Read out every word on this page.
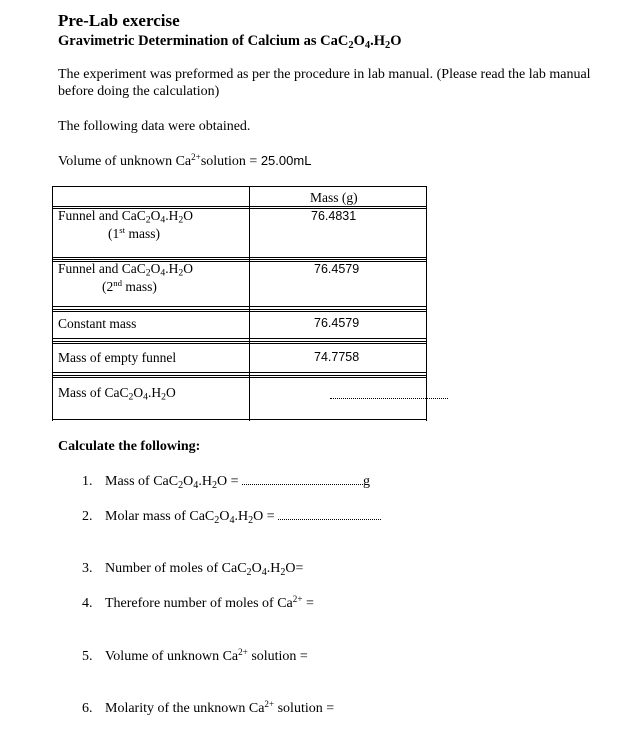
Pre-Lab exercise
Gravimetric Determination of Calcium as $CaC_2O_4.H_2O$
The experiment was preformed as per the procedure in lab manual. (Please read the lab manual before doing the calculation)
The following data were obtained.
Volume of unknown $Ca^{2+}solution = 25.00mL$
Mass (g)
Funnel and $CaC_2O_4.H_2O$
(1st mass)
76.4831
Funnel and $CaC_2O_4.H_2O$
(2nd mass)
76.4579
Constant mass	76.4579
Mass of empty funnel	74.7758
Mass of $CaC_2O_4.H_2O$
Calculate the following:
1. Mass of $CaC_2O_4.H_2O$ =	g
2. Molar mass of $CaC_2O_4.H_2O$ =
3. Number of moles of $CaC_2O_4.H_2O=$
4. Therefore number of moles of $Ca^{2+}$ =
5. Volume of unknown $Ca^{2+}$ solution =
6. Molarity of the unknown $Ca^{2+}$ solution =
